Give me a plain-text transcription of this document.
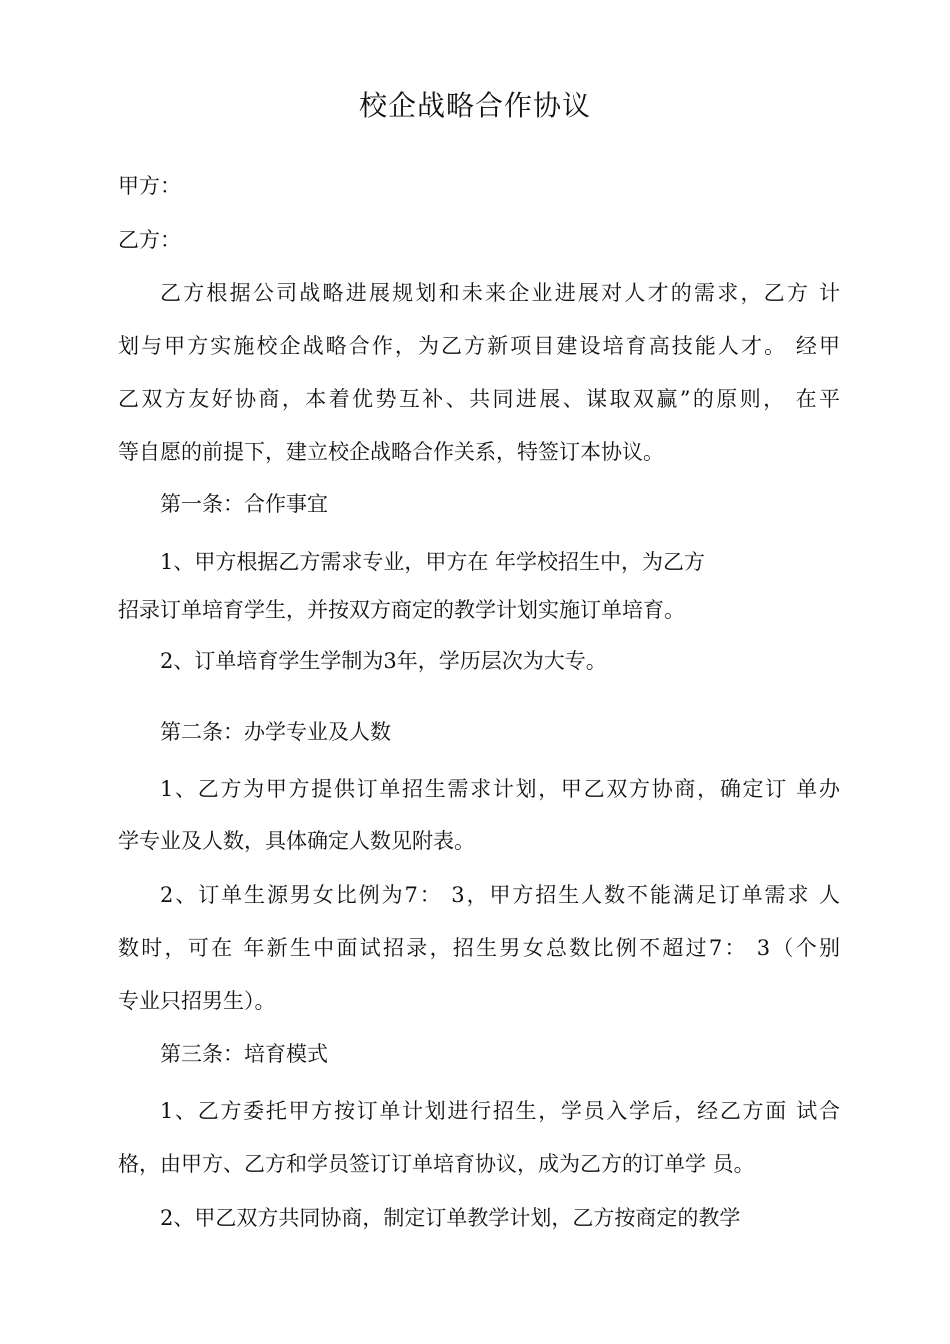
校企战略合作协议
甲方：
乙方：
乙方根据公司战略进展规划和未来企业进展对人才的需求，乙方 计
划与甲方实施校企战略合作，为乙方新项目建设培育高技能人才。 经甲
乙双方友好协商，本着优势互补、共同进展、谋取双赢”的原则， 在平
等自愿的前提下，建立校企战略合作关系，特签订本协议。
第一条：合作事宜
1、甲方根据乙方需求专业，甲方在 年学校招生中，为乙方
招录订单培育学生，并按双方商定的教学计划实施订单培育。
2、订单培育学生学制为3年，学历层次为大专。
第二条：办学专业及人数
1、乙方为甲方提供订单招生需求计划，甲乙双方协商，确定订 单办
学专业及人数，具体确定人数见附表。
2、订单生源男女比例为7： 3，甲方招生人数不能满足订单需求 人
数时，可在 年新生中面试招录，招生男女总数比例不超过7： 3（个别
专业只招男生）。
第三条：培育模式
1、乙方委托甲方按订单计划进行招生，学员入学后，经乙方面 试合
格，由甲方、乙方和学员签订订单培育协议，成为乙方的订单学 员。
2、甲乙双方共同协商，制定订单教学计划，乙方按商定的教学
